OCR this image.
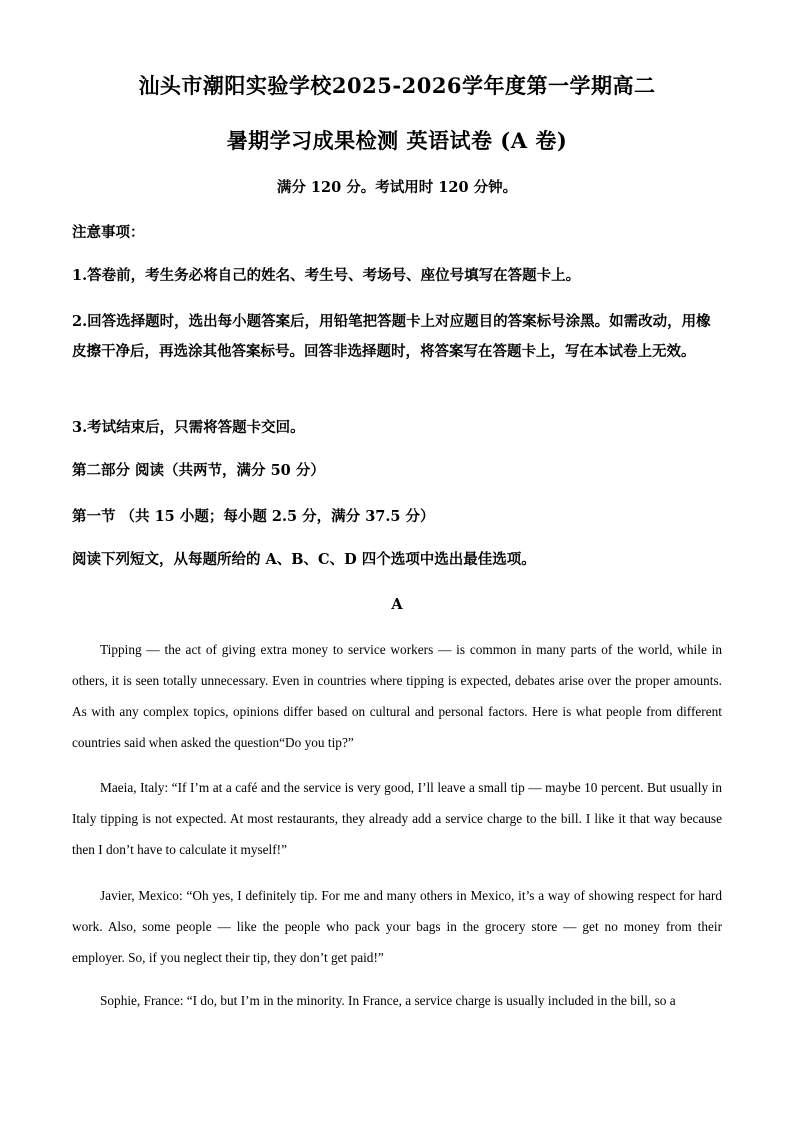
汕头市潮阳实验学校2025-2026学年度第一学期高二
暑期学习成果检测 英语试卷 (A 卷)
满分 120 分。考试用时 120 分钟。
注意事项：
1.答卷前，考生务必将自己的姓名、考生号、考场号、座位号填写在答题卡上。
2.回答选择题时，选出每小题答案后，用铅笔把答题卡上对应题目的答案标号涂黑。如需改动，用橡皮擦干净后，再选涂其他答案标号。回答非选择题时，将答案写在答题卡上，写在本试卷上无效。
3.考试结束后，只需将答题卡交回。
第二部分 阅读（共两节，满分 50 分）
第一节 （共 15 小题；每小题 2.5 分，满分 37.5 分）
阅读下列短文，从每题所给的 A、B、C、D 四个选项中选出最佳选项。
A
Tipping — the act of giving extra money to service workers — is common in many parts of the world, while in others, it is seen totally unnecessary. Even in countries where tipping is expected, debates arise over the proper amounts. As with any complex topics, opinions differ based on cultural and personal factors. Here is what people from different countries said when asked the question“Do you tip?”
Maeia, Italy: “If I’m at a café and the service is very good, I’ll leave a small tip — maybe 10 percent. But usually in Italy tipping is not expected. At most restaurants, they already add a service charge to the bill. I like it that way because then I don’t have to calculate it myself!”
Javier, Mexico: “Oh yes, I definitely tip. For me and many others in Mexico, it’s a way of showing respect for hard work. Also, some people — like the people who pack your bags in the grocery store — get no money from their employer. So, if you neglect their tip, they don’t get paid!”
Sophie, France: “I do, but I’m in the minority. In France, a service charge is usually included in the bill, so a
